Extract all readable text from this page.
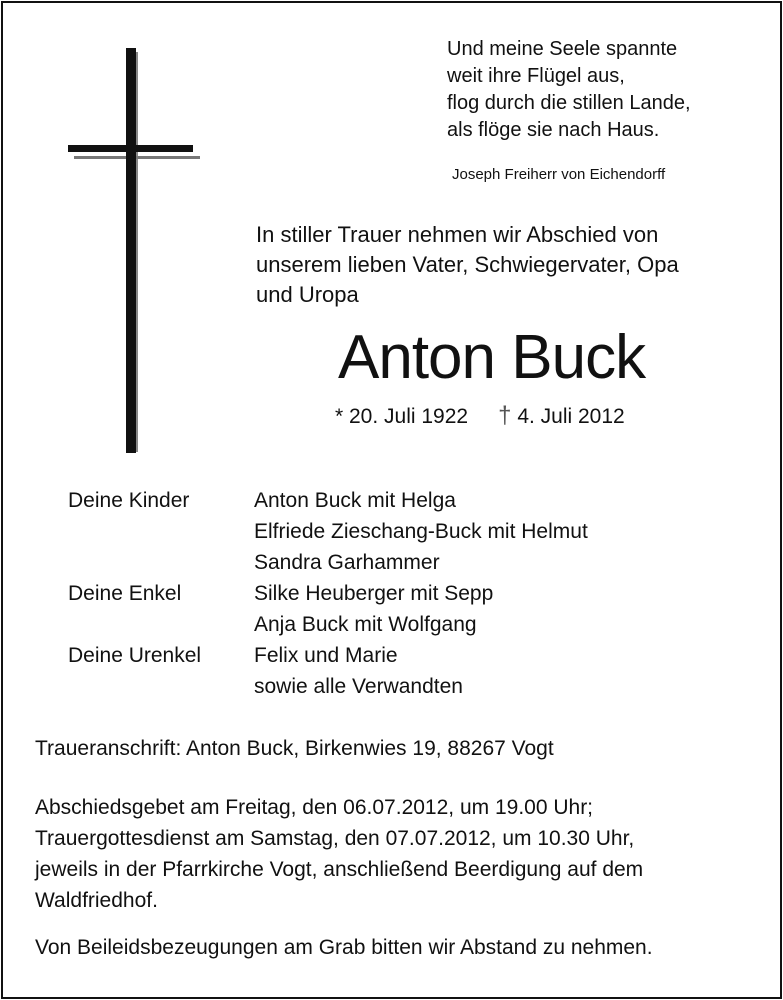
Und meine Seele spannte
weit ihre Flügel aus,
flog durch die stillen Lande,
als flöge sie nach Haus.
Joseph Freiherr von Eichendorff
In stiller Trauer nehmen wir Abschied von
unserem lieben Vater, Schwiegervater, Opa
und Uropa
Anton Buck
* 20. Juli 1922 † 4. Juli 2012
Deine Kinder	Anton Buck mit Helga
Elfriede Zieschang-Buck mit Helmut
Sandra Garhammer
Deine Enkel	Silke Heuberger mit Sepp
Anja Buck mit Wolfgang
Deine Urenkel	Felix und Marie
sowie alle Verwandten
Traueranschrift: Anton Buck, Birkenwies 19, 88267 Vogt
Abschiedsgebet am Freitag, den 06.07.2012, um 19.00 Uhr;
Trauergottesdienst am Samstag, den 07.07.2012, um 10.30 Uhr,
jeweils in der Pfarrkirche Vogt, anschließend Beerdigung auf dem
Waldfriedhof.
Von Beileidsbezeugungen am Grab bitten wir Abstand zu nehmen.
